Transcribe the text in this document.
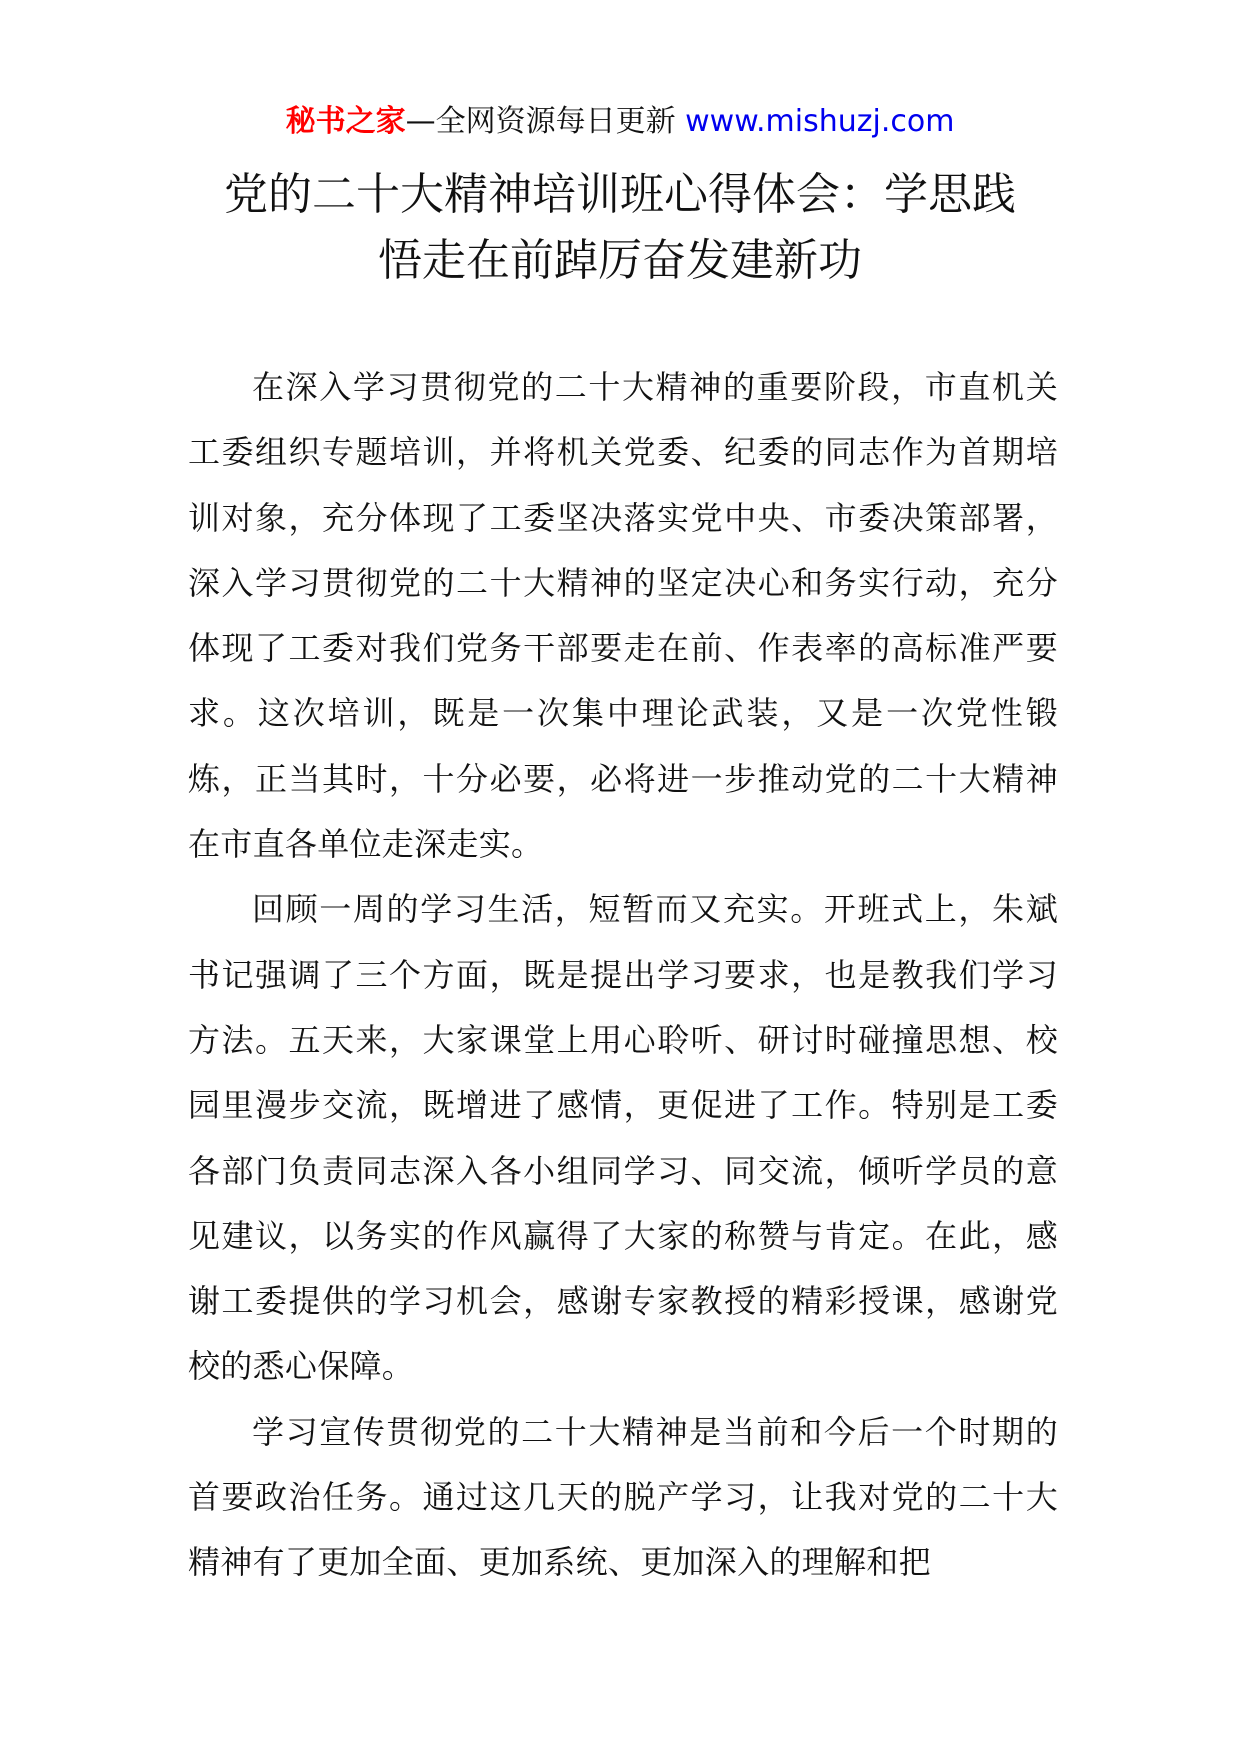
秘书之家—全网资源每日更新 www.mishuzj.com
党的二十大精神培训班心得体会：学思践
悟走在前踔厉奋发建新功

在深入学习贯彻党的二十大精神的重要阶段，市直机关工委组织专题培训，并将机关党委、纪委的同志作为首期培训对象，充分体现了工委坚决落实党中央、市委决策部署，深入学习贯彻党的二十大精神的坚定决心和务实行动，充分体现了工委对我们党务干部要走在前、作表率的高标准严要求。这次培训，既是一次集中理论武装，又是一次党性锻炼，正当其时，十分必要，必将进一步推动党的二十大精神在市直各单位走深走实。

回顾一周的学习生活，短暂而又充实。开班式上，朱斌书记强调了三个方面，既是提出学习要求，也是教我们学习方法。五天来，大家课堂上用心聆听、研讨时碰撞思想、校园里漫步交流，既增进了感情，更促进了工作。特别是工委各部门负责同志深入各小组同学习、同交流，倾听学员的意见建议，以务实的作风赢得了大家的称赞与肯定。在此，感谢工委提供的学习机会，感谢专家教授的精彩授课，感谢党校的悉心保障。

学习宣传贯彻党的二十大精神是当前和今后一个时期的首要政治任务。通过这几天的脱产学习，让我对党的二十大精神有了更加全面、更加系统、更加深入的理解和把
